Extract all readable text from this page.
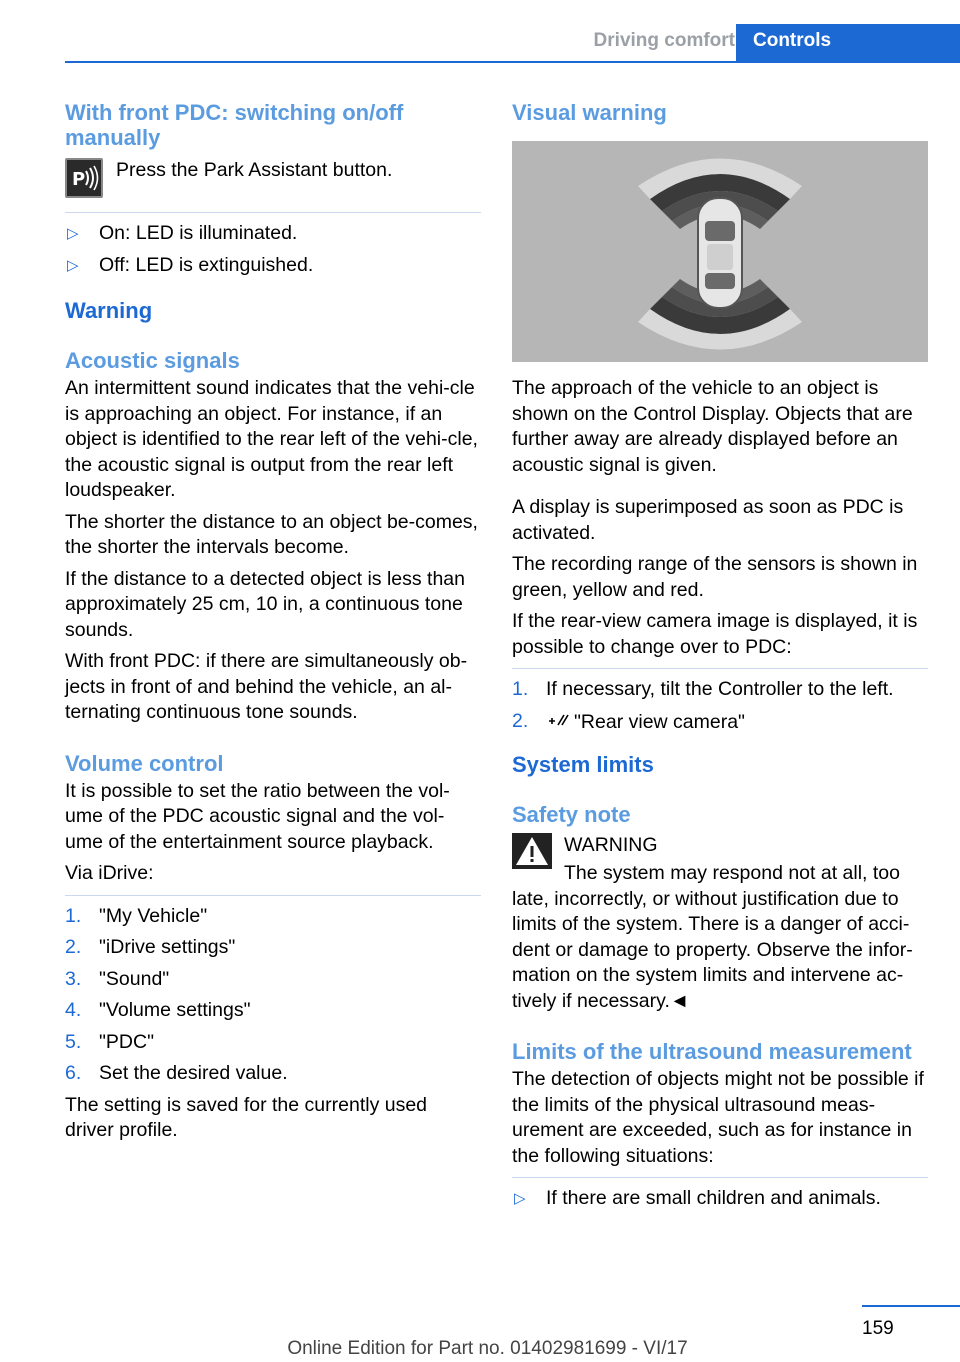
Driving comfort Controls
With front PDC: switching on/off manually
P Press the Park Assistant button.

▷ On: LED is illuminated.
▷ Off: LED is extinguished.
Warning
Acoustic signals

An intermittent sound indicates that the vehi‐cle is approaching an object. For instance, if an object is identified to the rear left of the vehi‐cle, the acoustic signal is output from the rear left loudspeaker.

The shorter the distance to an object be‐comes, the shorter the intervals become.

If the distance to a detected object is less than approximately 25 cm, 10 in, a continuous tone sounds.

With front PDC: if there are simultaneously ob‐jects in front of and behind the vehicle, an al‐ternating continuous tone sounds.

Volume control

It is possible to set the ratio between the vol‐ume of the PDC acoustic signal and the vol‐ume of the entertainment source playback.

Via iDrive:

1. "My Vehicle"
2. "iDrive settings"
3. "Sound"
4. "Volume settings"
5. "PDC"
6. Set the desired value.

The setting is saved for the currently used driver profile.

Visual warning

The approach of the vehicle to an object is shown on the Control Display. Objects that are further away are already displayed before an acoustic signal is given.

A display is superimposed as soon as PDC is activated.

The recording range of the sensors is shown in green, yellow and red.

If the rear-view camera image is displayed, it is possible to change over to PDC:

1. If necessary, tilt the Controller to the left.
2. "Rear view camera"
System limits
Safety note

WARNING

The system may respond not at all, too late, incorrectly, or without justification due to limits of the system. There is a danger of acci‐dent or damage to property. Observe the infor‐mation on the system limits and intervene ac‐tively if necessary.◄

Limits of the ultrasound measurement

The detection of objects might not be possible if the limits of the physical ultrasound meas‐urement are exceeded, such as for instance in the following situations:

▷ If there are small children and animals.
159
Online Edition for Part no. 01402981699 - VI/17
